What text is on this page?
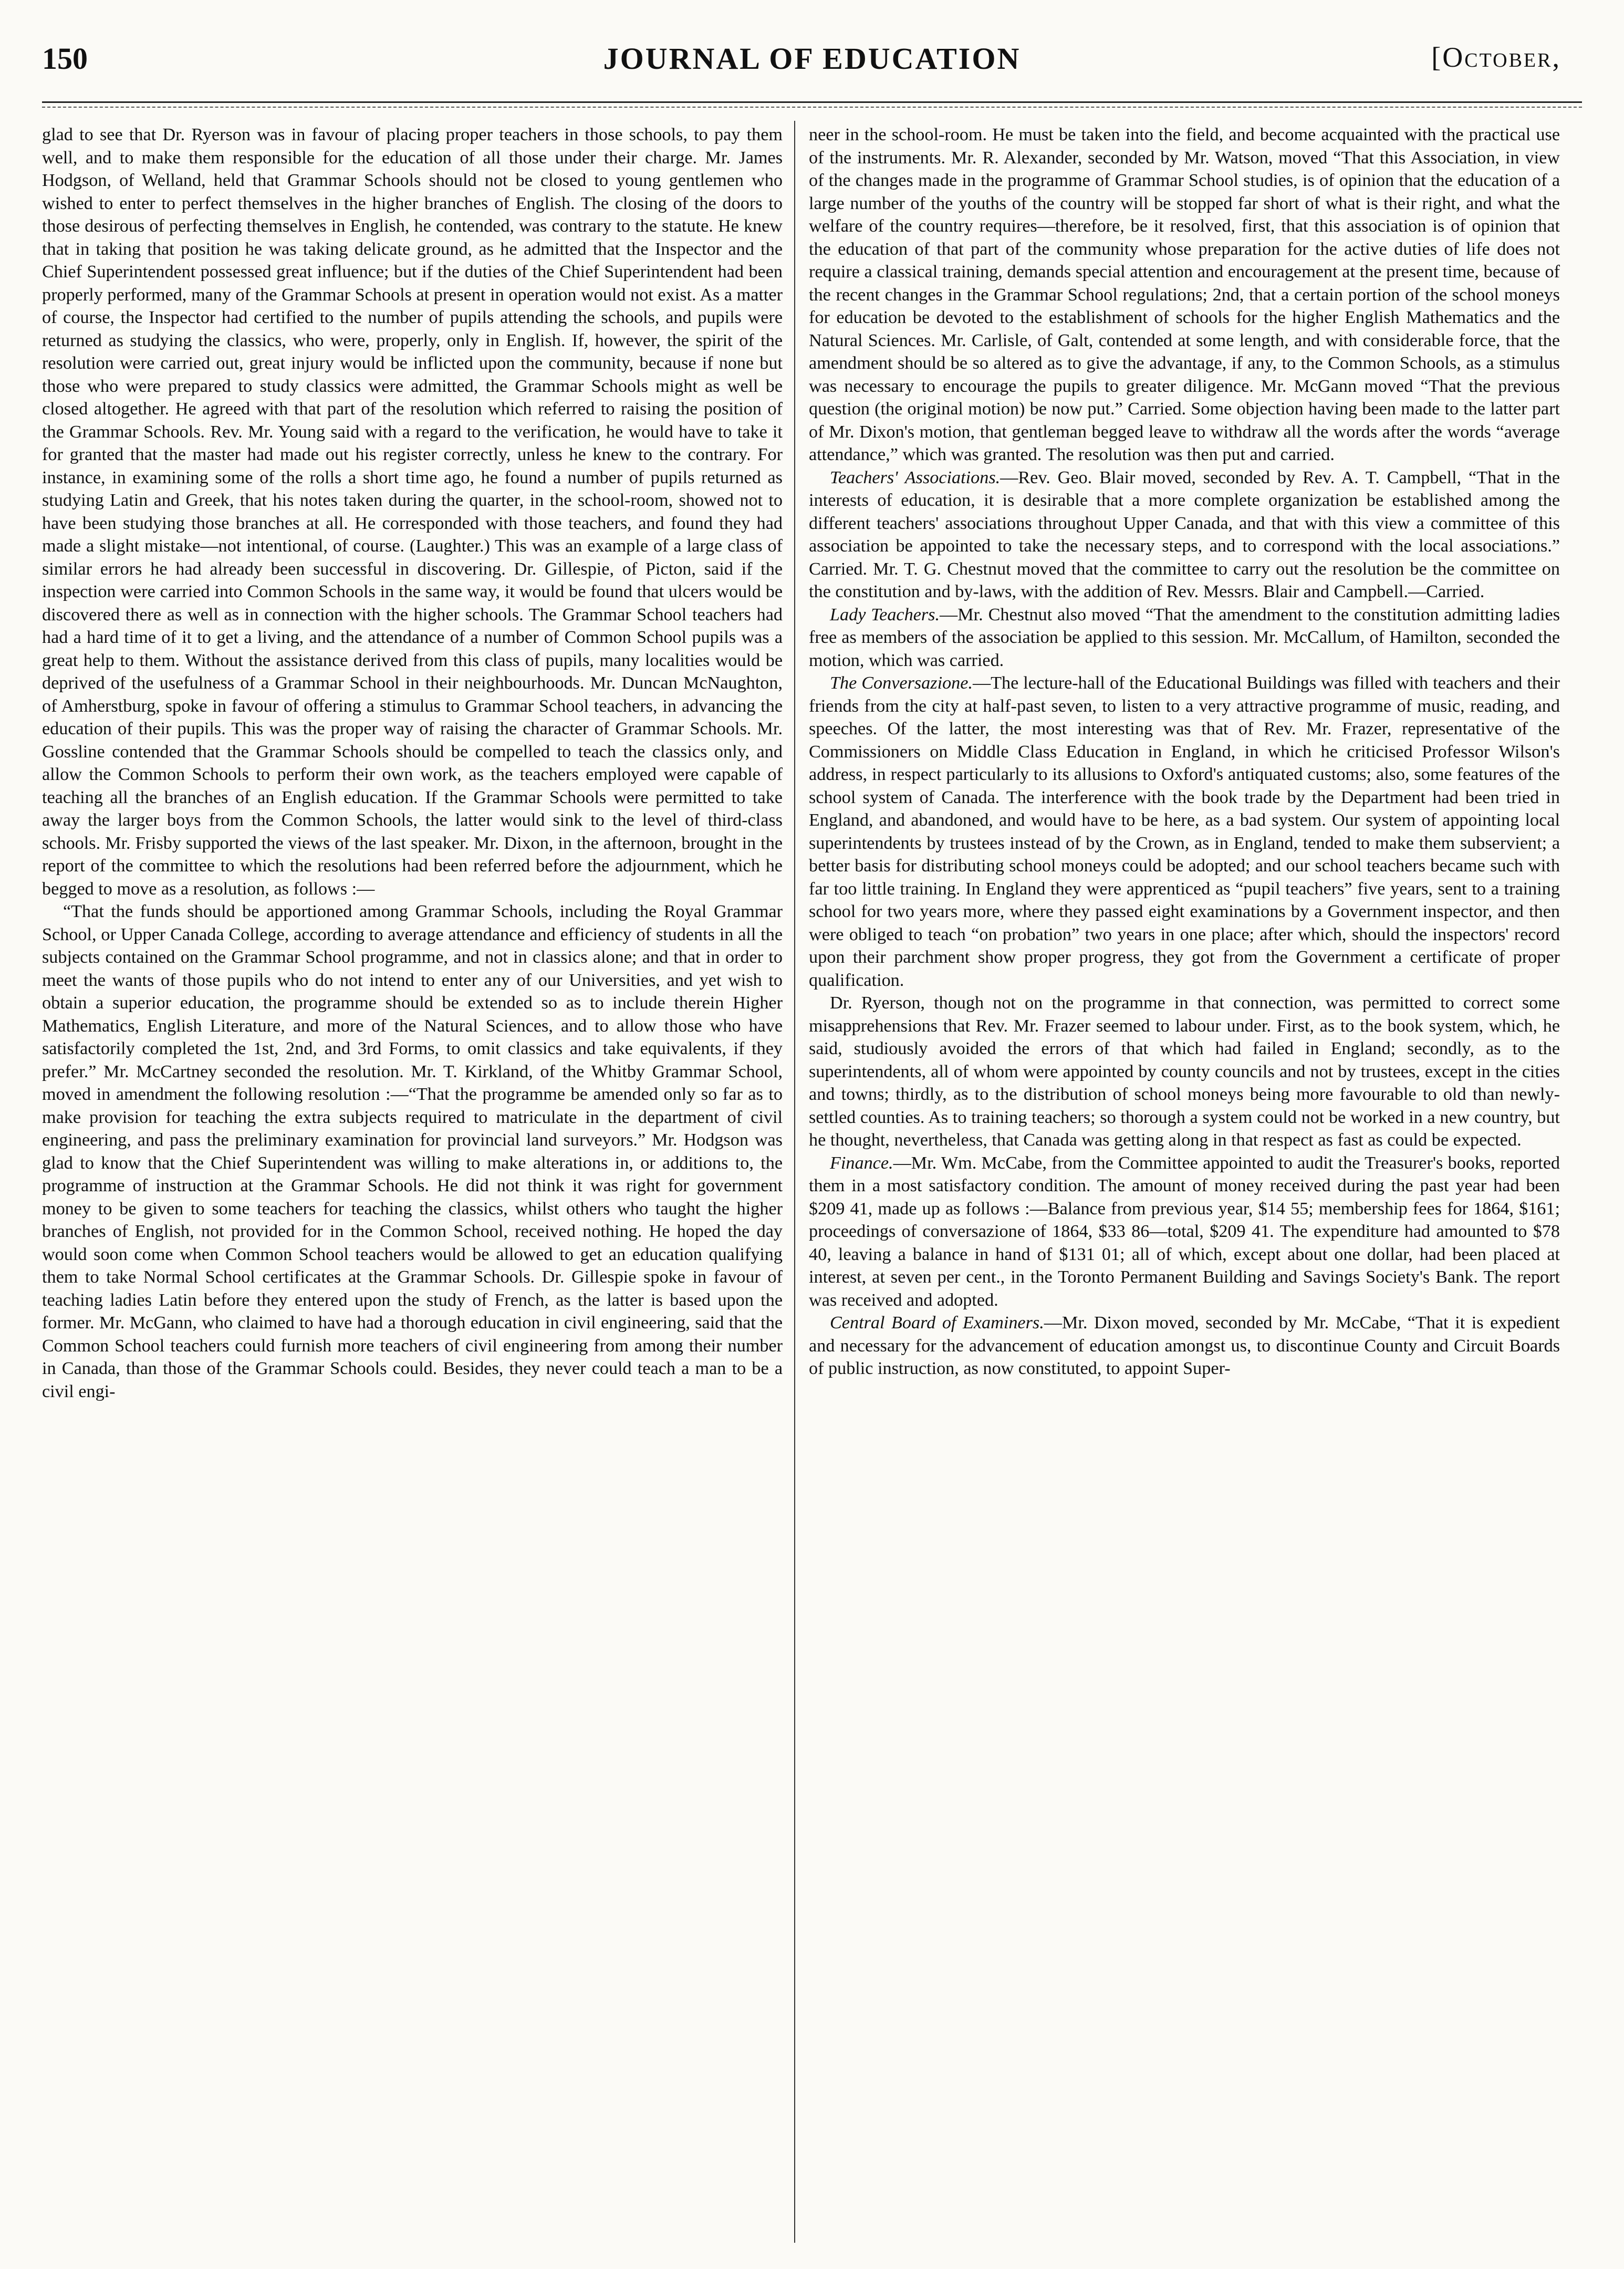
150	JOURNAL OF EDUCATION	[October,

glad to see that Dr. Ryerson was in favour of placing proper teachers in those schools, to pay them well, and to make them responsible for the education of all those under their charge. Mr. James Hodgson, of Welland, held that Grammar Schools should not be closed to young gentlemen who wished to enter to perfect themselves in the higher branches of English. The closing of the doors to those desirous of perfecting themselves in English, he contended, was contrary to the statute. He knew that in taking that position he was taking delicate ground, as he admitted that the Inspector and the Chief Superintendent possessed great influence; but if the duties of the Chief Superintendent had been properly performed, many of the Grammar Schools at present in operation would not exist. As a matter of course, the Inspector had certified to the number of pupils attending the schools, and pupils were returned as studying the classics, who were, properly, only in English. If, however, the spirit of the resolution were carried out, great injury would be inflicted upon the community, because if none but those who were prepared to study classics were admitted, the Grammar Schools might as well be closed altogether. He agreed with that part of the resolution which referred to raising the position of the Grammar Schools. Rev. Mr. Young said with a regard to the verification, he would have to take it for granted that the master had made out his register correctly, unless he knew to the contrary. For instance, in examining some of the rolls a short time ago, he found a number of pupils returned as studying Latin and Greek, that his notes taken during the quarter, in the school-room, showed not to have been studying those branches at all. He corresponded with those teachers, and found they had made a slight mistake—not intentional, of course. (Laughter.) This was an example of a large class of similar errors he had already been successful in discovering. Dr. Gillespie, of Picton, said if the inspection were carried into Common Schools in the same way, it would be found that ulcers would be discovered there as well as in connection with the higher schools. The Grammar School teachers had had a hard time of it to get a living, and the attendance of a number of Common School pupils was a great help to them. Without the assistance derived from this class of pupils, many localities would be deprived of the usefulness of a Grammar School in their neighbourhoods. Mr. Duncan McNaughton, of Amherstburg, spoke in favour of offering a stimulus to Grammar School teachers, in advancing the education of their pupils. This was the proper way of raising the character of Grammar Schools. Mr. Gossline contended that the Grammar Schools should be compelled to teach the classics only, and allow the Common Schools to perform their own work, as the teachers employed were capable of teaching all the branches of an English education. If the Grammar Schools were permitted to take away the larger boys from the Common Schools, the latter would sink to the level of third-class schools. Mr. Frisby supported the views of the last speaker. Mr. Dixon, in the afternoon, brought in the report of the committee to which the resolutions had been referred before the adjournment, which he begged to move as a resolution, as follows :—

“That the funds should be apportioned among Grammar Schools, including the Royal Grammar School, or Upper Canada College, according to average attendance and efficiency of students in all the subjects contained on the Grammar School programme, and not in classics alone; and that in order to meet the wants of those pupils who do not intend to enter any of our Universities, and yet wish to obtain a superior education, the programme should be extended so as to include therein Higher Mathematics, English Literature, and more of the Natural Sciences, and to allow those who have satisfactorily completed the 1st, 2nd, and 3rd Forms, to omit classics and take equivalents, if they prefer.” Mr. McCartney seconded the resolution. Mr. T. Kirkland, of the Whitby Grammar School, moved in amendment the following resolution :—“That the programme be amended only so far as to make provision for teaching the extra subjects required to matriculate in the department of civil engineering, and pass the preliminary examination for provincial land surveyors.” Mr. Hodgson was glad to know that the Chief Superintendent was willing to make alterations in, or additions to, the programme of instruction at the Grammar Schools. He did not think it was right for government money to be given to some teachers for teaching the classics, whilst others who taught the higher branches of English, not provided for in the Common School, received nothing. He hoped the day would soon come when Common School teachers would be allowed to get an education qualifying them to take Normal School certificates at the Grammar Schools. Dr. Gillespie spoke in favour of teaching ladies Latin before they entered upon the study of French, as the latter is based upon the former. Mr. McGann, who claimed to have had a thorough education in civil engineering, said that the Common School teachers could furnish more teachers of civil engineering from among their number in Canada, than those of the Grammar Schools could. Besides, they never could teach a man to be a civil engi-

neer in the school-room. He must be taken into the field, and become acquainted with the practical use of the instruments. Mr. R. Alexander, seconded by Mr. Watson, moved “That this Association, in view of the changes made in the programme of Grammar School studies, is of opinion that the education of a large number of the youths of the country will be stopped far short of what is their right, and what the welfare of the country requires—therefore, be it resolved, first, that this association is of opinion that the education of that part of the community whose preparation for the active duties of life does not require a classical training, demands special attention and encouragement at the present time, because of the recent changes in the Grammar School regulations; 2nd, that a certain portion of the school moneys for education be devoted to the establishment of schools for the higher English Mathematics and the Natural Sciences. Mr. Carlisle, of Galt, contended at some length, and with considerable force, that the amendment should be so altered as to give the advantage, if any, to the Common Schools, as a stimulus was necessary to encourage the pupils to greater diligence. Mr. McGann moved “That the previous question (the original motion) be now put.” Carried. Some objection having been made to the latter part of Mr. Dixon's motion, that gentleman begged leave to withdraw all the words after the words “average attendance,” which was granted. The resolution was then put and carried.

Teachers' Associations.—Rev. Geo. Blair moved, seconded by Rev. A. T. Campbell, “That in the interests of education, it is desirable that a more complete organization be established among the different teachers' associations throughout Upper Canada, and that with this view a committee of this association be appointed to take the necessary steps, and to correspond with the local associations.” Carried. Mr. T. G. Chestnut moved that the committee to carry out the resolution be the committee on the constitution and by-laws, with the addition of Rev. Messrs. Blair and Campbell.—Carried.

Lady Teachers.—Mr. Chestnut also moved “That the amendment to the constitution admitting ladies free as members of the association be applied to this session. Mr. McCallum, of Hamilton, seconded the motion, which was carried.

The Conversazione.—The lecture-hall of the Educational Buildings was filled with teachers and their friends from the city at half-past seven, to listen to a very attractive programme of music, reading, and speeches. Of the latter, the most interesting was that of Rev. Mr. Frazer, representative of the Commissioners on Middle Class Education in England, in which he criticised Professor Wilson's address, in respect particularly to its allusions to Oxford's antiquated customs; also, some features of the school system of Canada. The interference with the book trade by the Department had been tried in England, and abandoned, and would have to be here, as a bad system. Our system of appointing local superintendents by trustees instead of by the Crown, as in England, tended to make them subservient; a better basis for distributing school moneys could be adopted; and our school teachers became such with far too little training. In England they were apprenticed as “pupil teachers” five years, sent to a training school for two years more, where they passed eight examinations by a Government inspector, and then were obliged to teach “on probation” two years in one place; after which, should the inspectors' record upon their parchment show proper progress, they got from the Government a certificate of proper qualification.

Dr. Ryerson, though not on the programme in that connection, was permitted to correct some misapprehensions that Rev. Mr. Frazer seemed to labour under. First, as to the book system, which, he said, studiously avoided the errors of that which had failed in England; secondly, as to the superintendents, all of whom were appointed by county councils and not by trustees, except in the cities and towns; thirdly, as to the distribution of school moneys being more favourable to old than newly-settled counties. As to training teachers; so thorough a system could not be worked in a new country, but he thought, nevertheless, that Canada was getting along in that respect as fast as could be expected.

Finance.—Mr. Wm. McCabe, from the Committee appointed to audit the Treasurer's books, reported them in a most satisfactory condition. The amount of money received during the past year had been $209 41, made up as follows :—Balance from previous year, $14 55; membership fees for 1864, $161; proceedings of conversazione of 1864, $33 86—total, $209 41. The expenditure had amounted to $78 40, leaving a balance in hand of $131 01; all of which, except about one dollar, had been placed at interest, at seven per cent., in the Toronto Permanent Building and Savings Society's Bank. The report was received and adopted.

Central Board of Examiners.—Mr. Dixon moved, seconded by Mr. McCabe, “That it is expedient and necessary for the advancement of education amongst us, to discontinue County and Circuit Boards of public instruction, as now constituted, to appoint Super-
